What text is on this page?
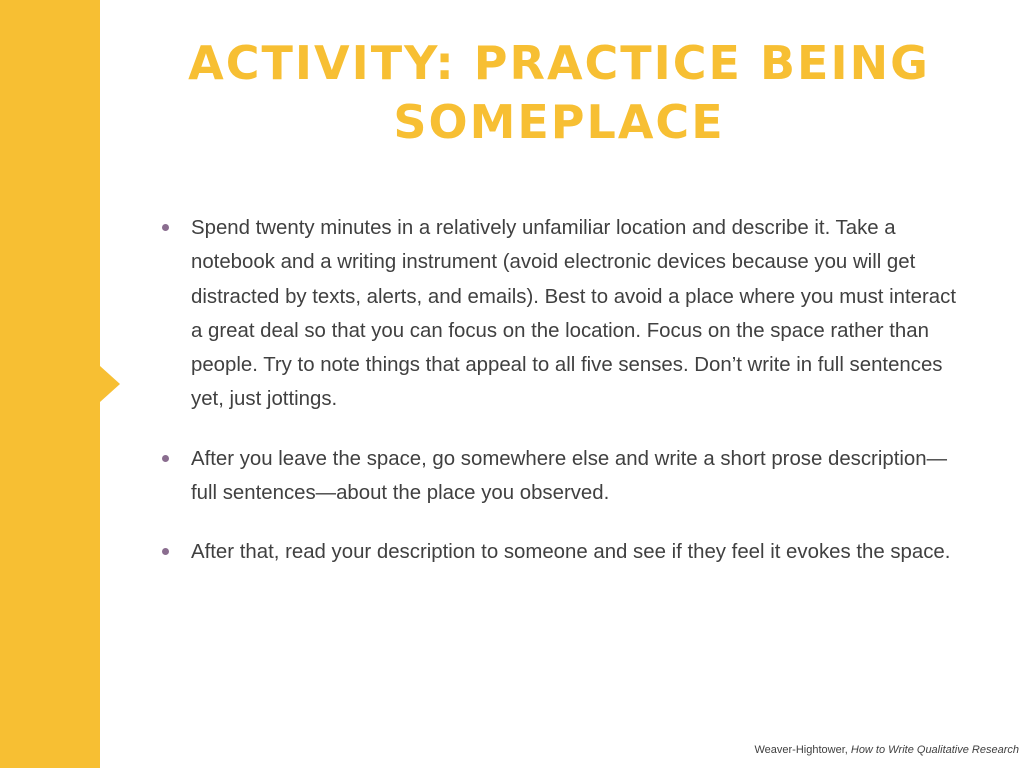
ACTIVITY: PRACTICE BEING SOMEPLACE
Spend twenty minutes in a relatively unfamiliar location and describe it. Take a notebook and a writing instrument (avoid electronic devices because you will get distracted by texts, alerts, and emails). Best to avoid a place where you must interact a great deal so that you can focus on the location. Focus on the space rather than people. Try to note things that appeal to all five senses. Don’t write in full sentences yet, just jottings.
After you leave the space, go somewhere else and write a short prose description—full sentences—about the place you observed.
After that, read your description to someone and see if they feel it evokes the space.
Weaver-Hightower, How to Write Qualitative Research
